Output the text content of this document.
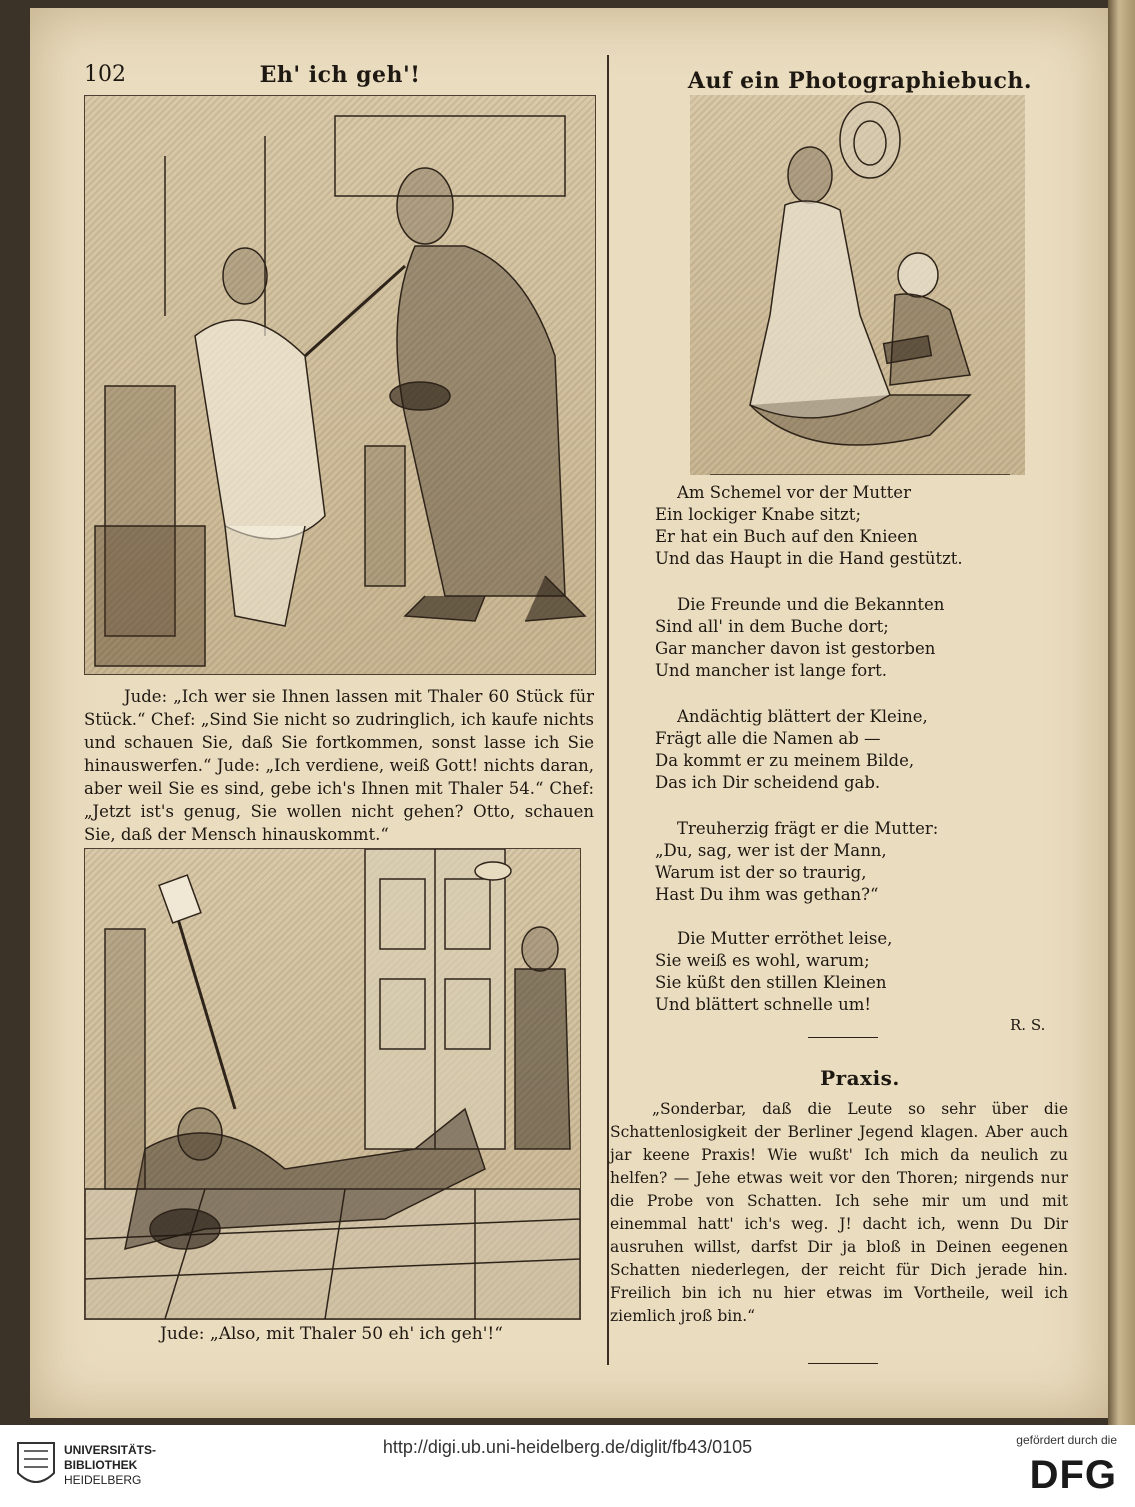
102	Eh' ich geh'!	Auf ein Photographiebuch.

Jude: „Ich wer sie Ihnen lassen mit Thaler 60 Stück für Stück.“ Chef: „Sind Sie nicht so zudringlich, ich kaufe nichts und schauen Sie, daß Sie fortkommen, sonst lasse ich Sie hinauswerfen.“ Jude: „Ich verdiene, weiß Gott! nichts daran, aber weil Sie es sind, gebe ich's Ihnen mit Thaler 54.“ Chef: „Jetzt ist's genug, Sie wollen nicht gehen? Otto, schauen Sie, daß der Mensch hinauskommt.“

Jude: „Also, mit Thaler 50 eh' ich geh'!“
Am Schemel vor der Mutter
Ein lockiger Knabe sitzt;
Er hat ein Buch auf den Knieen
Und das Haupt in die Hand gestützt.
Die Freunde und die Bekannten
Sind all' in dem Buche dort;
Gar mancher davon ist gestorben
Und mancher ist lange fort.
Andächtig blättert der Kleine,
Frägt alle die Namen ab —
Da kommt er zu meinem Bilde,
Das ich Dir scheidend gab.
Treuherzig frägt er die Mutter:
„Du, sag, wer ist der Mann,
Warum ist der so traurig,
Hast Du ihm was gethan?“
Die Mutter erröthet leise,
Sie weiß es wohl, warum;
Sie küßt den stillen Kleinen
Und blättert schnelle um!
R. S.
Praxis.

„Sonderbar, daß die Leute so sehr über die Schattenlosigkeit der Berliner Jegend klagen. Aber auch jar keene Praxis! Wie wußt' Ich mich da neulich zu helfen? — Jehe etwas weit vor den Thoren; nirgends nur die Probe von Schatten. Ich sehe mir um und mit einemmal hatt' ich's weg. J! dacht ich, wenn Du Dir ausruhen willst, darfst Dir ja bloß in Deinen eegenen Schatten niederlegen, der reicht für Dich jerade hin. Freilich bin ich nu hier etwas im Vortheile, weil ich ziemlich jroß bin.“

UNIVERSITÄTS-
BIBLIOTHEK
HEIDELBERG
http://digi.ub.uni-heidelberg.de/diglit/fb43/0105	gefördert durch die
DFG
